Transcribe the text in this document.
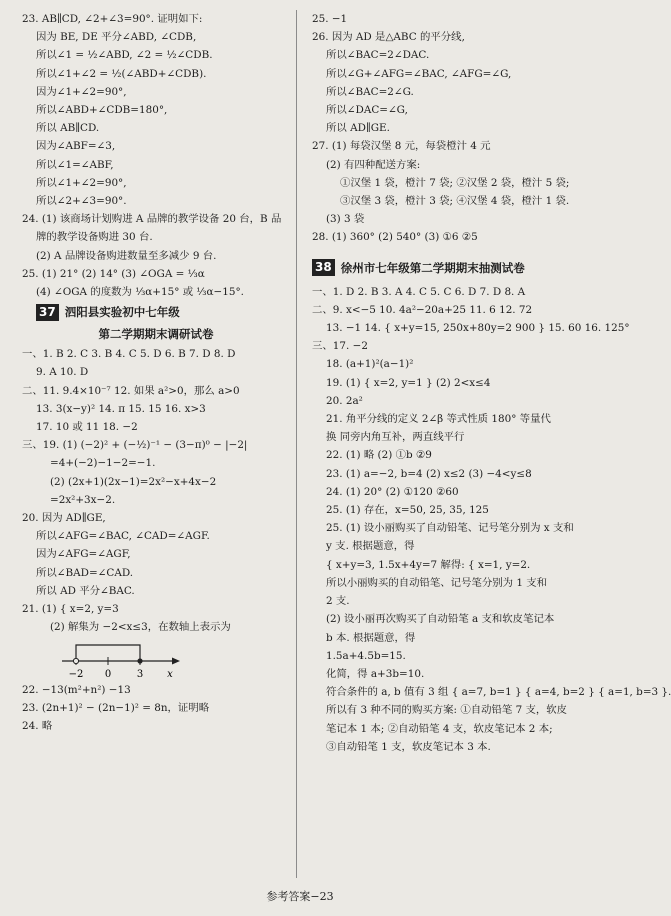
23. AB∥CD, ∠2+∠3=90°. 证明如下:
因为 BE, DE 平分∠ABD, ∠CDB,
所以∠1 = ½∠ABD, ∠2 = ½∠CDB.
所以∠1+∠2 = ½(∠ABD+∠CDB).
因为∠1+∠2=90°,
所以∠ABD+∠CDB=180°,
所以 AB∥CD.
因为∠ABF=∠3,
所以∠1=∠ABF,
所以∠1+∠2=90°,
所以∠2+∠3=90°.
24. (1) 该商场计划购进 A 品牌的教学设备 20 台，B 品
牌的教学设备购进 30 台.
(2) A 品牌设备购进数量至多减少 9 台.
25. (1) 21° (2) 14° (3) ∠OGA = ⅓α
(4) ∠OGA 的度数为 ⅓α+15° 或 ⅓α−15°.
37 泗阳县实验初中七年级
第二学期期末调研试卷
一、1. B 2. C 3. B 4. C 5. D 6. B 7. D 8. D
9. A 10. D
二、11. 9.4×10⁻⁷ 12. 如果 a²>0，那么 a>0
13. 3(x−y)² 14. π 15. 15 16. x>3
17. 10 或 11 18. −2
三、19. (1) (−2)² + (−½)⁻¹ − (3−π)⁰ − |−2|
=4+(−2)−1−2=−1.
(2) (2x+1)(2x−1)=2x²−x+4x−2
=2x²+3x−2.
20. 因为 AD∥GE,
所以∠AFG=∠BAC, ∠CAD=∠AGF.
因为∠AFG=∠AGF,
所以∠BAD=∠CAD.
所以 AD 平分∠BAC.
21. (1) { x=2, y=3
(2) 解集为 −2<x≤3，在数轴上表示为
−2 0	3 x
22. −13(m²+n²) −13
23. (2n+1)² − (2n−1)² = 8n，证明略
24. 略
25. −1
26. 因为 AD 是△ABC 的平分线,
所以∠BAC=2∠DAC.
所以∠G+∠AFG=∠BAC, ∠AFG=∠G,
所以∠BAC=2∠G.
所以∠DAC=∠G,
所以 AD∥GE.
27. (1) 每袋汉堡 8 元，每袋橙汁 4 元
(2) 有四种配送方案:
①汉堡 1 袋，橙汁 7 袋; ②汉堡 2 袋，橙汁 5 袋;
③汉堡 3 袋，橙汁 3 袋; ④汉堡 4 袋，橙汁 1 袋.
(3) 3 袋
28. (1) 360° (2) 540° (3) ①6 ②5
38 徐州市七年级第二学期期末抽测试卷
一、1. D 2. B 3. A 4. C 5. C 6. D 7. D 8. A
二、9. x<−5 10. 4a²−20a+25 11. 6 12. 72
13. −1 14. { x+y=15, 250x+80y=2 900 } 15. 60 16. 125°
三、17. −2
18. (a+1)²(a−1)²
19. (1) { x=2, y=1 } (2) 2<x≤4
20. 2a²
21. 角平分线的定义 2∠β 等式性质 180° 等量代
换 同旁内角互补，两直线平行
22. (1) 略 (2) ①b ②9
23. (1) a=−2, b=4 (2) x≤2 (3) −4<y≤8
24. (1) 20° (2) ①120 ②60
25. (1) 存在，x=50, 25, 35, 125
25. (1) 设小丽购买了自动铅笔、记号笔分别为 x 支和
y 支. 根据题意，得
{ x+y=3, 1.5x+4y=7 解得: { x=1, y=2.
所以小丽购买的自动铅笔、记号笔分别为 1 支和
2 支.
(2) 设小丽再次购买了自动铅笔 a 支和软皮笔记本
b 本. 根据题意，得
1.5a+4.5b=15.
化简，得 a+3b=10.
符合条件的 a, b 值有 3 组 { a=7, b=1 } { a=4, b=2 } { a=1, b=3 }.
所以有 3 种不同的购买方案: ①自动铅笔 7 支，软皮
笔记本 1 本; ②自动铅笔 4 支，软皮笔记本 2 本;
③自动铅笔 1 支，软皮笔记本 3 本.
参考答案−23
